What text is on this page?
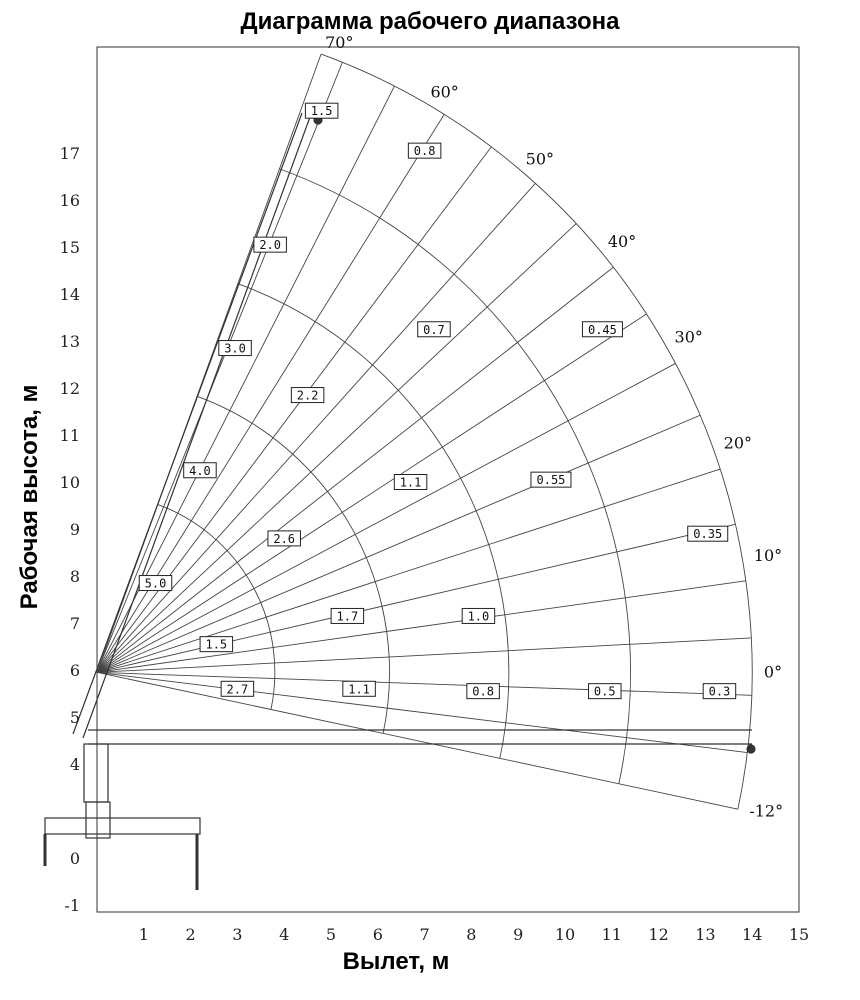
Диаграмма рабочего диапазона
Рабочая высота, м
Вылет, м
1 2 3 4 5 6 7 8 9 10 11 12 13 14 15
-1
0
4
5
6
7
8
9
10
11
12
13
14
15
16
17
70°
60°
50°
40°
30°
20°
10°
0°
-12°
1.5
0.8
2.0
3.0
0.7	0.45
2.2
4.0
1.1	0.55
0.35
2.6
5.0
1.7	1.0
1.5
2.7	1.1	0.8	0.5	0.3
